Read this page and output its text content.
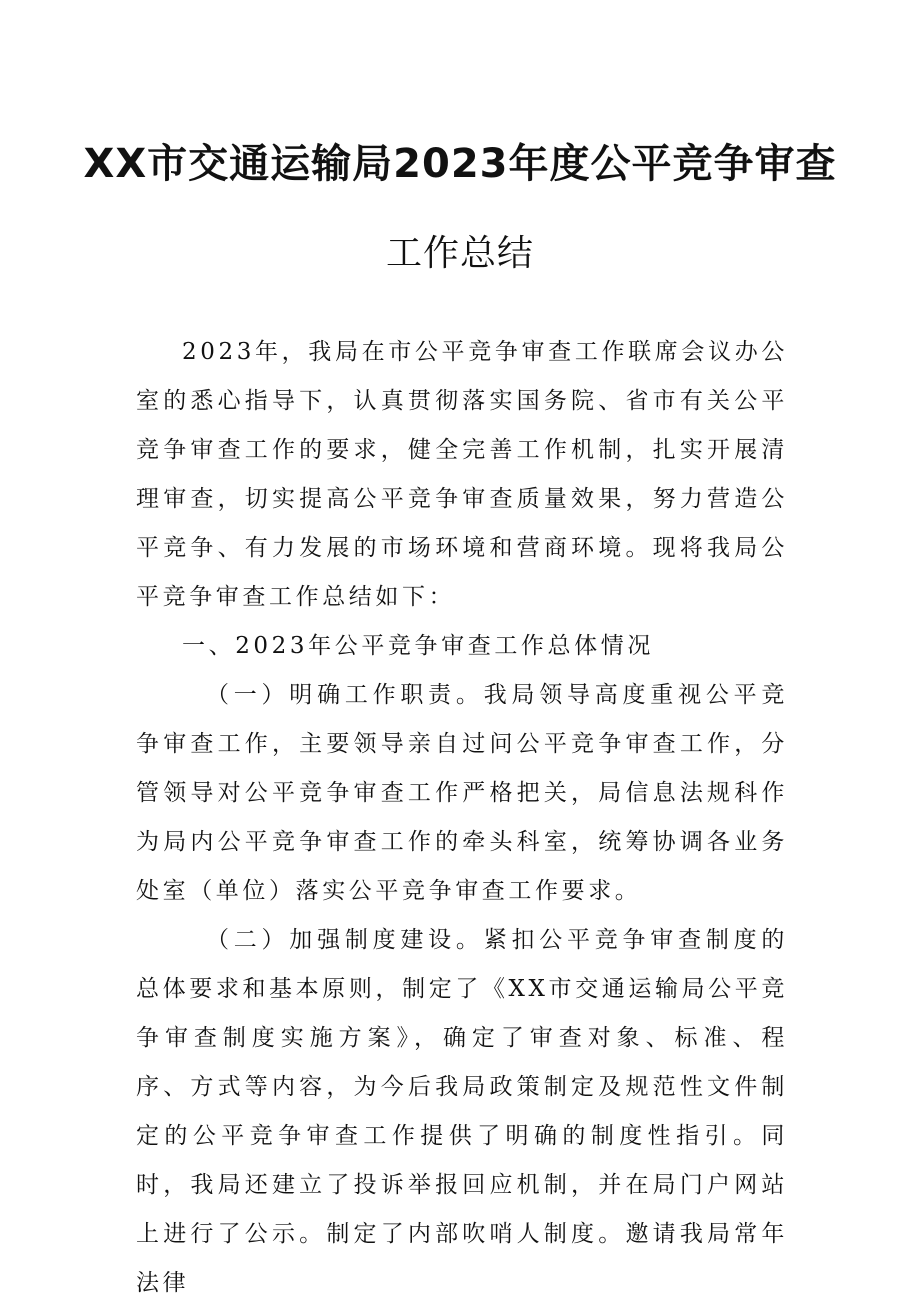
XX市交通运输局2023年度公平竞争审查
工作总结

2023年，我局在市公平竞争审查工作联席会议办公室的悉心指导下，认真贯彻落实国务院、省市有关公平竞争审查工作的要求，健全完善工作机制，扎实开展清理审查，切实提高公平竞争审查质量效果，努力营造公平竞争、有力发展的市场环境和营商环境。现将我局公平竞争审查工作总结如下：

一、2023年公平竞争审查工作总体情况

（一）明确工作职责。我局领导高度重视公平竞争审查工作，主要领导亲自过问公平竞争审查工作，分管领导对公平竞争审查工作严格把关，局信息法规科作为局内公平竞争审查工作的牵头科室，统筹协调各业务处室（单位）落实公平竞争审查工作要求。

（二）加强制度建设。紧扣公平竞争审查制度的总体要求和基本原则，制定了《XX市交通运输局公平竞争审查制度实施方案》，确定了审查对象、标准、程序、方式等内容，为今后我局政策制定及规范性文件制定的公平竞争审查工作提供了明确的制度性指引。同时，我局还建立了投诉举报回应机制，并在局门户网站上进行了公示。制定了内部吹哨人制度。邀请我局常年法律
